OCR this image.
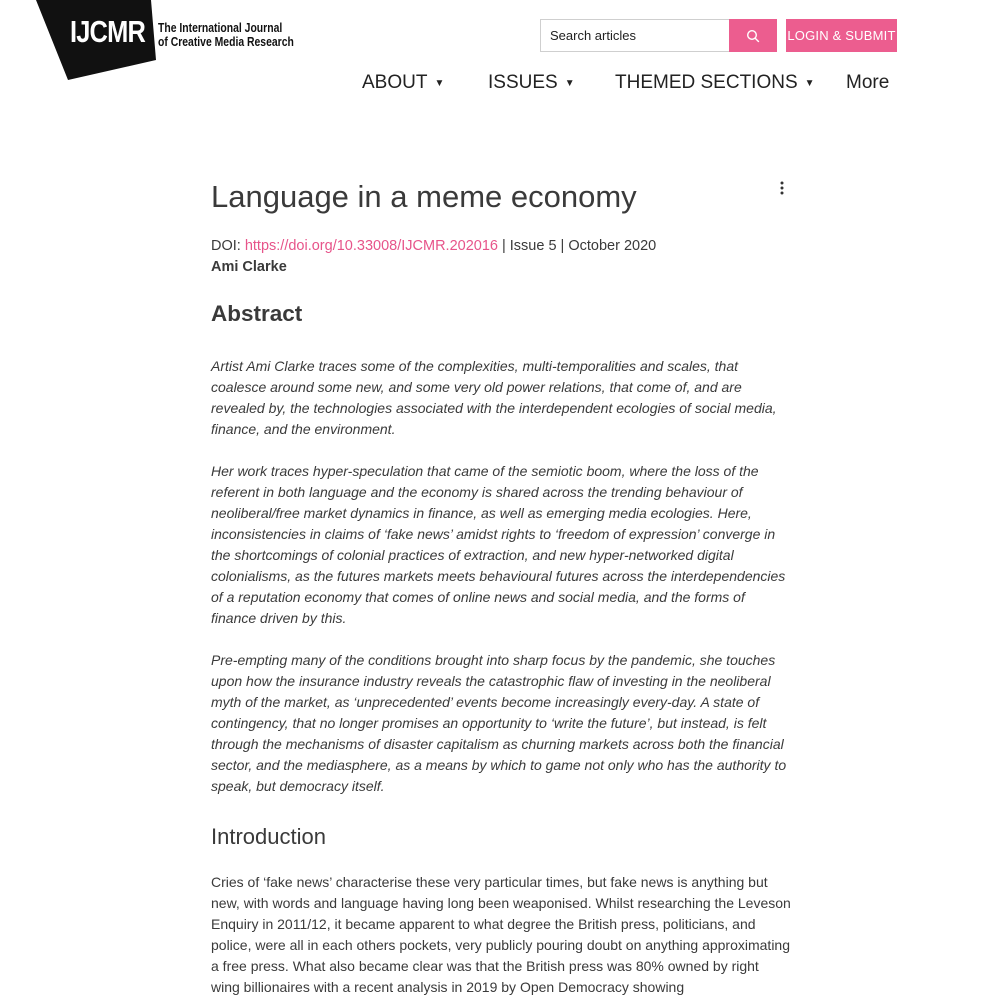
IJCMR The International Journal
of Creative Media Research
Search articles	LOGIN & SUBMIT
ABOUT ▼ ISSUES ▼ THEMED SECTIONS ▼ More
Language in a meme economy
DOI: https://doi.org/10.33008/IJCMR.202016 | Issue 5 | October 2020
Ami Clarke
Abstract

Artist Ami Clarke traces some of the complexities, multi-temporalities and scales, that coalesce around some new, and some very old power relations, that come of, and are revealed by, the technologies associated with the interdependent ecologies of social media, finance, and the environment.

Her work traces hyper-speculation that came of the semiotic boom, where the loss of the referent in both language and the economy is shared across the trending behaviour of neoliberal/free market dynamics in finance, as well as emerging media ecologies. Here, inconsistencies in claims of ‘fake news’ amidst rights to ‘freedom of expression’ converge in the shortcomings of colonial practices of extraction, and new hyper-networked digital colonialisms, as the futures markets meets behavioural futures across the interdependencies of a reputation economy that comes of online news and social media, and the forms of finance driven by this.

Pre-empting many of the conditions brought into sharp focus by the pandemic, she touches upon how the insurance industry reveals the catastrophic flaw of investing in the neoliberal myth of the market, as ‘unprecedented’ events become increasingly every-day. A state of contingency, that no longer promises an opportunity to ‘write the future’, but instead, is felt through the mechanisms of disaster capitalism as churning markets across both the financial sector, and the mediasphere, as a means by which to game not only who has the authority to speak, but democracy itself.

Introduction

Cries of ‘fake news’ characterise these very particular times, but fake news is anything but new, with words and language having long been weaponised. Whilst researching the Leveson Enquiry in 2011/12, it became apparent to what degree the British press, politicians, and police, were all in each others pockets, very publicly pouring doubt on anything approximating a free press. What also became clear was that the British press was 80% owned by right wing billionaires with a recent analysis in 2019 by Open Democracy showing
